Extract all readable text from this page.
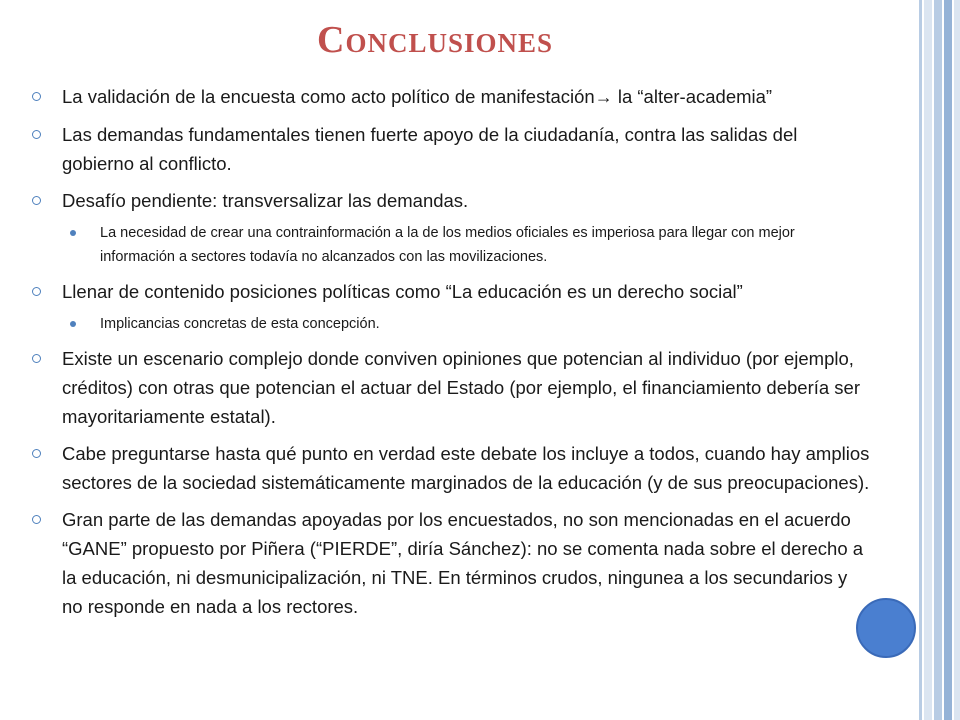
Conclusiones
La validación de la encuesta como acto político de manifestación→ la “alter-academia”
Las demandas fundamentales tienen fuerte apoyo de la ciudadanía, contra las salidas del gobierno al conflicto.
Desafío pendiente: transversalizar las demandas.
La necesidad de crear una contrainformación a la de los medios oficiales es imperiosa para llegar con mejor información a sectores todavía no alcanzados con las movilizaciones.
Llenar de contenido posiciones políticas como “La educación es un derecho social”
Implicancias concretas de esta concepción.
Existe un escenario complejo donde conviven opiniones que potencian al individuo (por ejemplo, créditos) con otras que potencian el actuar del Estado (por ejemplo, el financiamiento debería ser mayoritariamente estatal).
Cabe preguntarse hasta qué punto en verdad este debate los incluye a todos, cuando hay amplios sectores de la sociedad sistemáticamente marginados de la educación (y de sus preocupaciones).
Gran parte de las demandas apoyadas por los encuestados, no son mencionadas en el acuerdo “GANE” propuesto por Piñera (“PIERDE”, diría Sánchez): no se comenta nada sobre el derecho a la educación, ni desmunicipalización, ni TNE. En términos crudos, ningunea a los secundarios y no responde en nada a los rectores.
